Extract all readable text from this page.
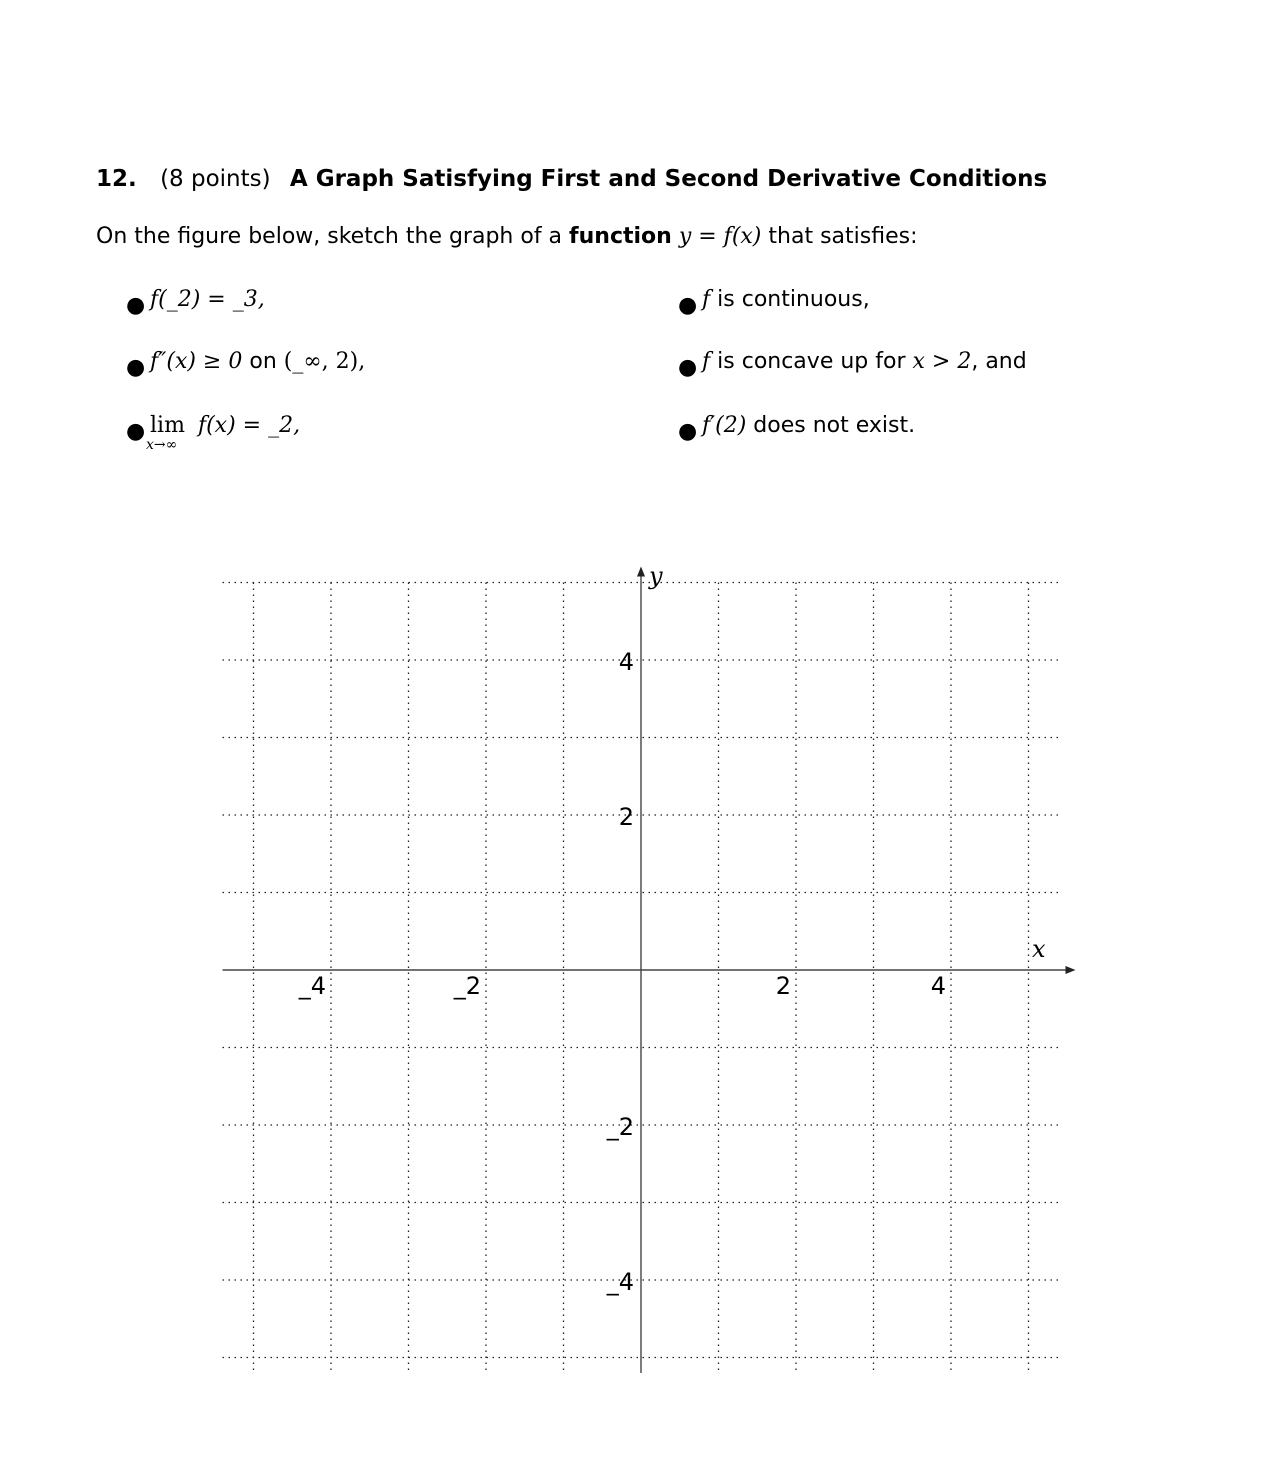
12. (8 points) A Graph Satisfying First and Second Derivative Conditions
On the figure below, sketch the graph of a function y = f(x) that satisfies:
● f(_2) = _3,
● f″(x) ≥ 0 on (_∞, 2),
● lim
x→∞
f(x) = _2,
● f is continuous,
● f is concave up for x > 2, and
● f′(2) does not exist.
x
y
_4	_2	2	4
4
2
_2
_4
